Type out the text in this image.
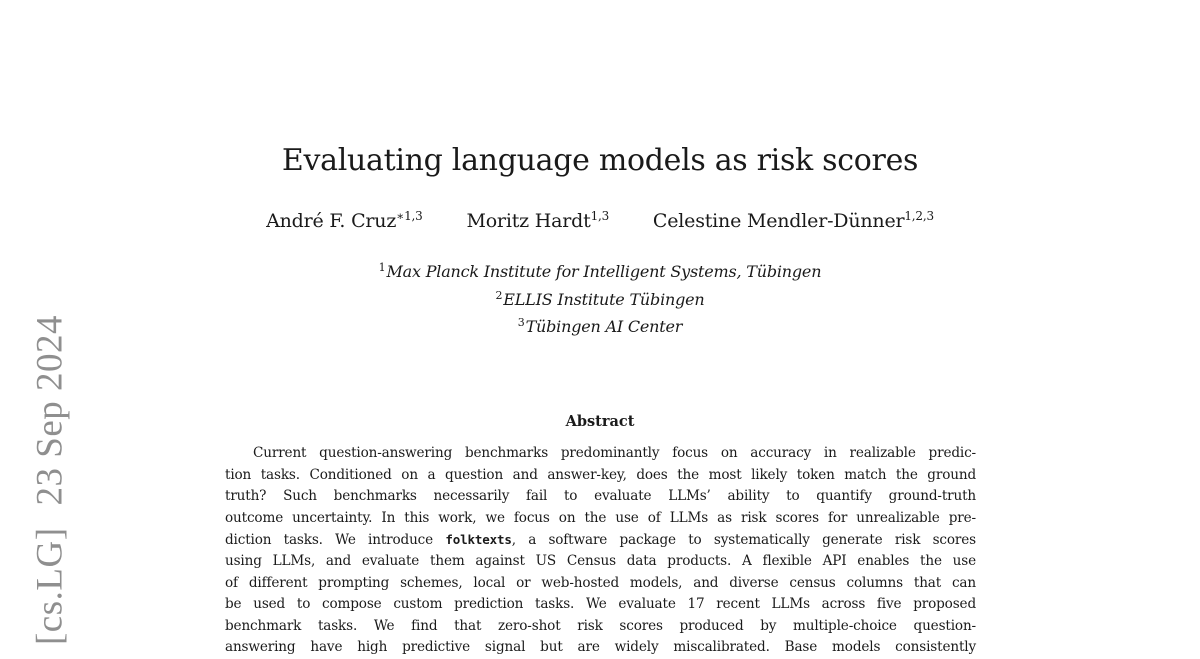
[cs.LG]23 Sep 2024
Evaluating language models as risk scores
André F. Cruz$^{∗1,3}$ Moritz Hardt$^{1,3}$ Celestine Mendler-Dünner$^{1,2,3}$
$^1$Max Planck Institute for Intelligent Systems, Tübingen
$^2$ELLIS Institute Tübingen
$^3$Tübingen AI Center
Abstract
Current question-answering benchmarks predominantly focus on accuracy in realizable predic-
tion tasks. Conditioned on a question and answer-key, does the most likely token match the ground
truth? Such benchmarks necessarily fail to evaluate LLMs’ ability to quantify ground-truth
outcome uncertainty. In this work, we focus on the use of LLMs as risk scores for unrealizable pre-
diction tasks. We introduce folktexts, a software package to systematically generate risk scores
using LLMs, and evaluate them against US Census data products. A flexible API enables the use
of different prompting schemes, local or web-hosted models, and diverse census columns that can
be used to compose custom prediction tasks. We evaluate 17 recent LLMs across five proposed
benchmark tasks. We find that zero-shot risk scores produced by multiple-choice question-
answering have high predictive signal but are widely miscalibrated. Base models consistently
